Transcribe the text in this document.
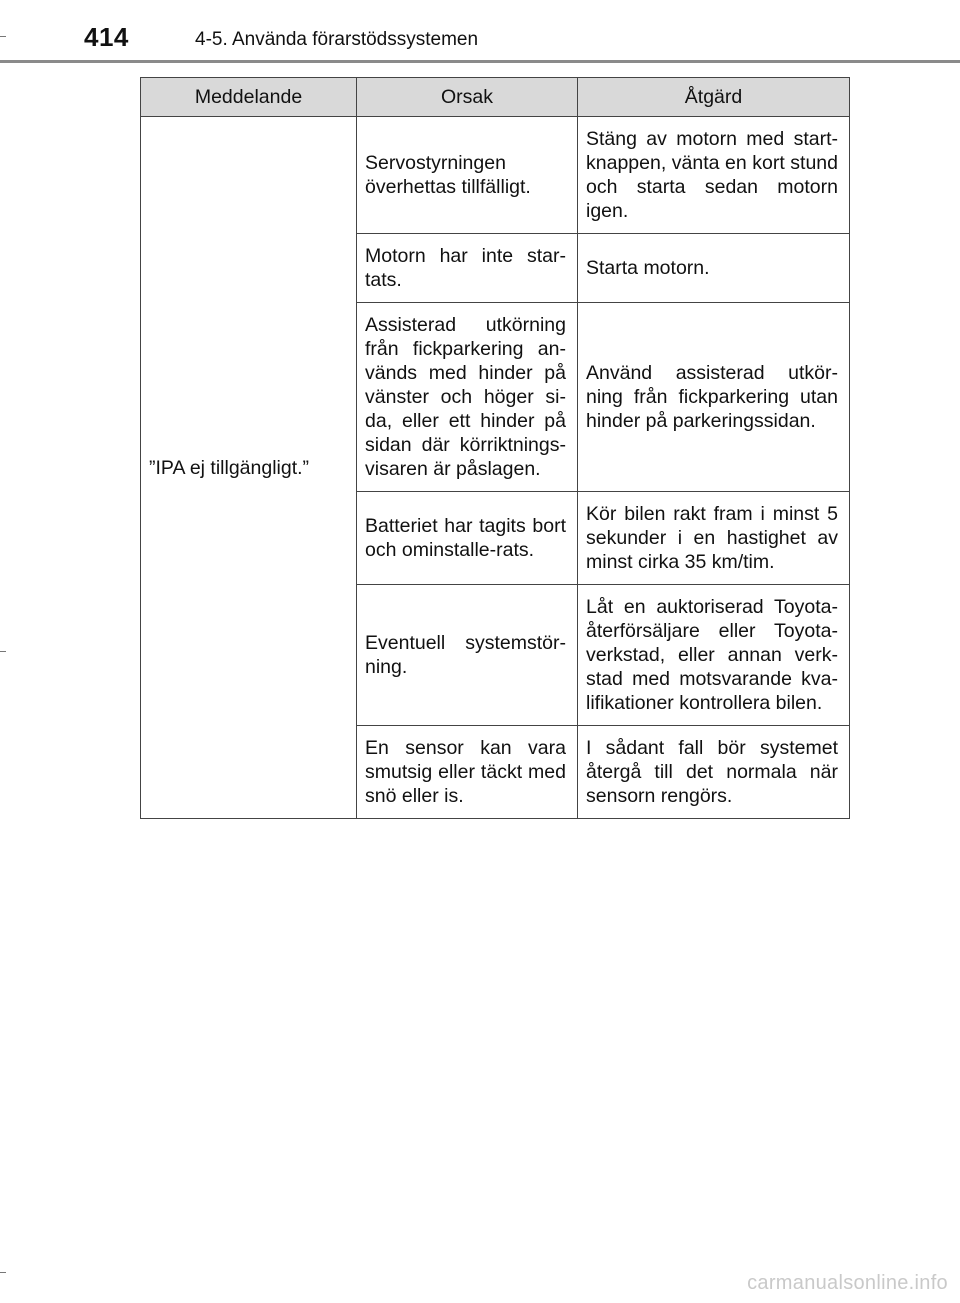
414	4-5. Använda förarstödssystemen
Meddelande	Orsak	Åtgärd
”IPA ej tillgängligt.”	Servostyrningen överhettas tillfälligt.	Stäng av motorn med start-knappen, vänta en kort stund och starta sedan motorn igen.
	Motorn har inte star-tats.	Starta motorn.
	Assisterad utkörning från fickparkering an-vänds med hinder på vänster och höger si-da, eller ett hinder på sidan där körriktnings-visaren är påslagen.	Använd assisterad utkör-ning från fickparkering utan hinder på parkeringssidan.
	Batteriet har tagits bort och ominstalle-rats.	Kör bilen rakt fram i minst 5 sekunder i en hastighet av minst cirka 35 km/tim.
	Eventuell systemstör-ning.	Låt en auktoriserad Toyota-återförsäljare eller Toyota-verkstad, eller annan verk-stad med motsvarande kva-lifikationer kontrollera bilen.
	En sensor kan vara smutsig eller täckt med snö eller is.	I sådant fall bör systemet återgå till det normala när sensorn rengörs.
carmanualsonline.info
